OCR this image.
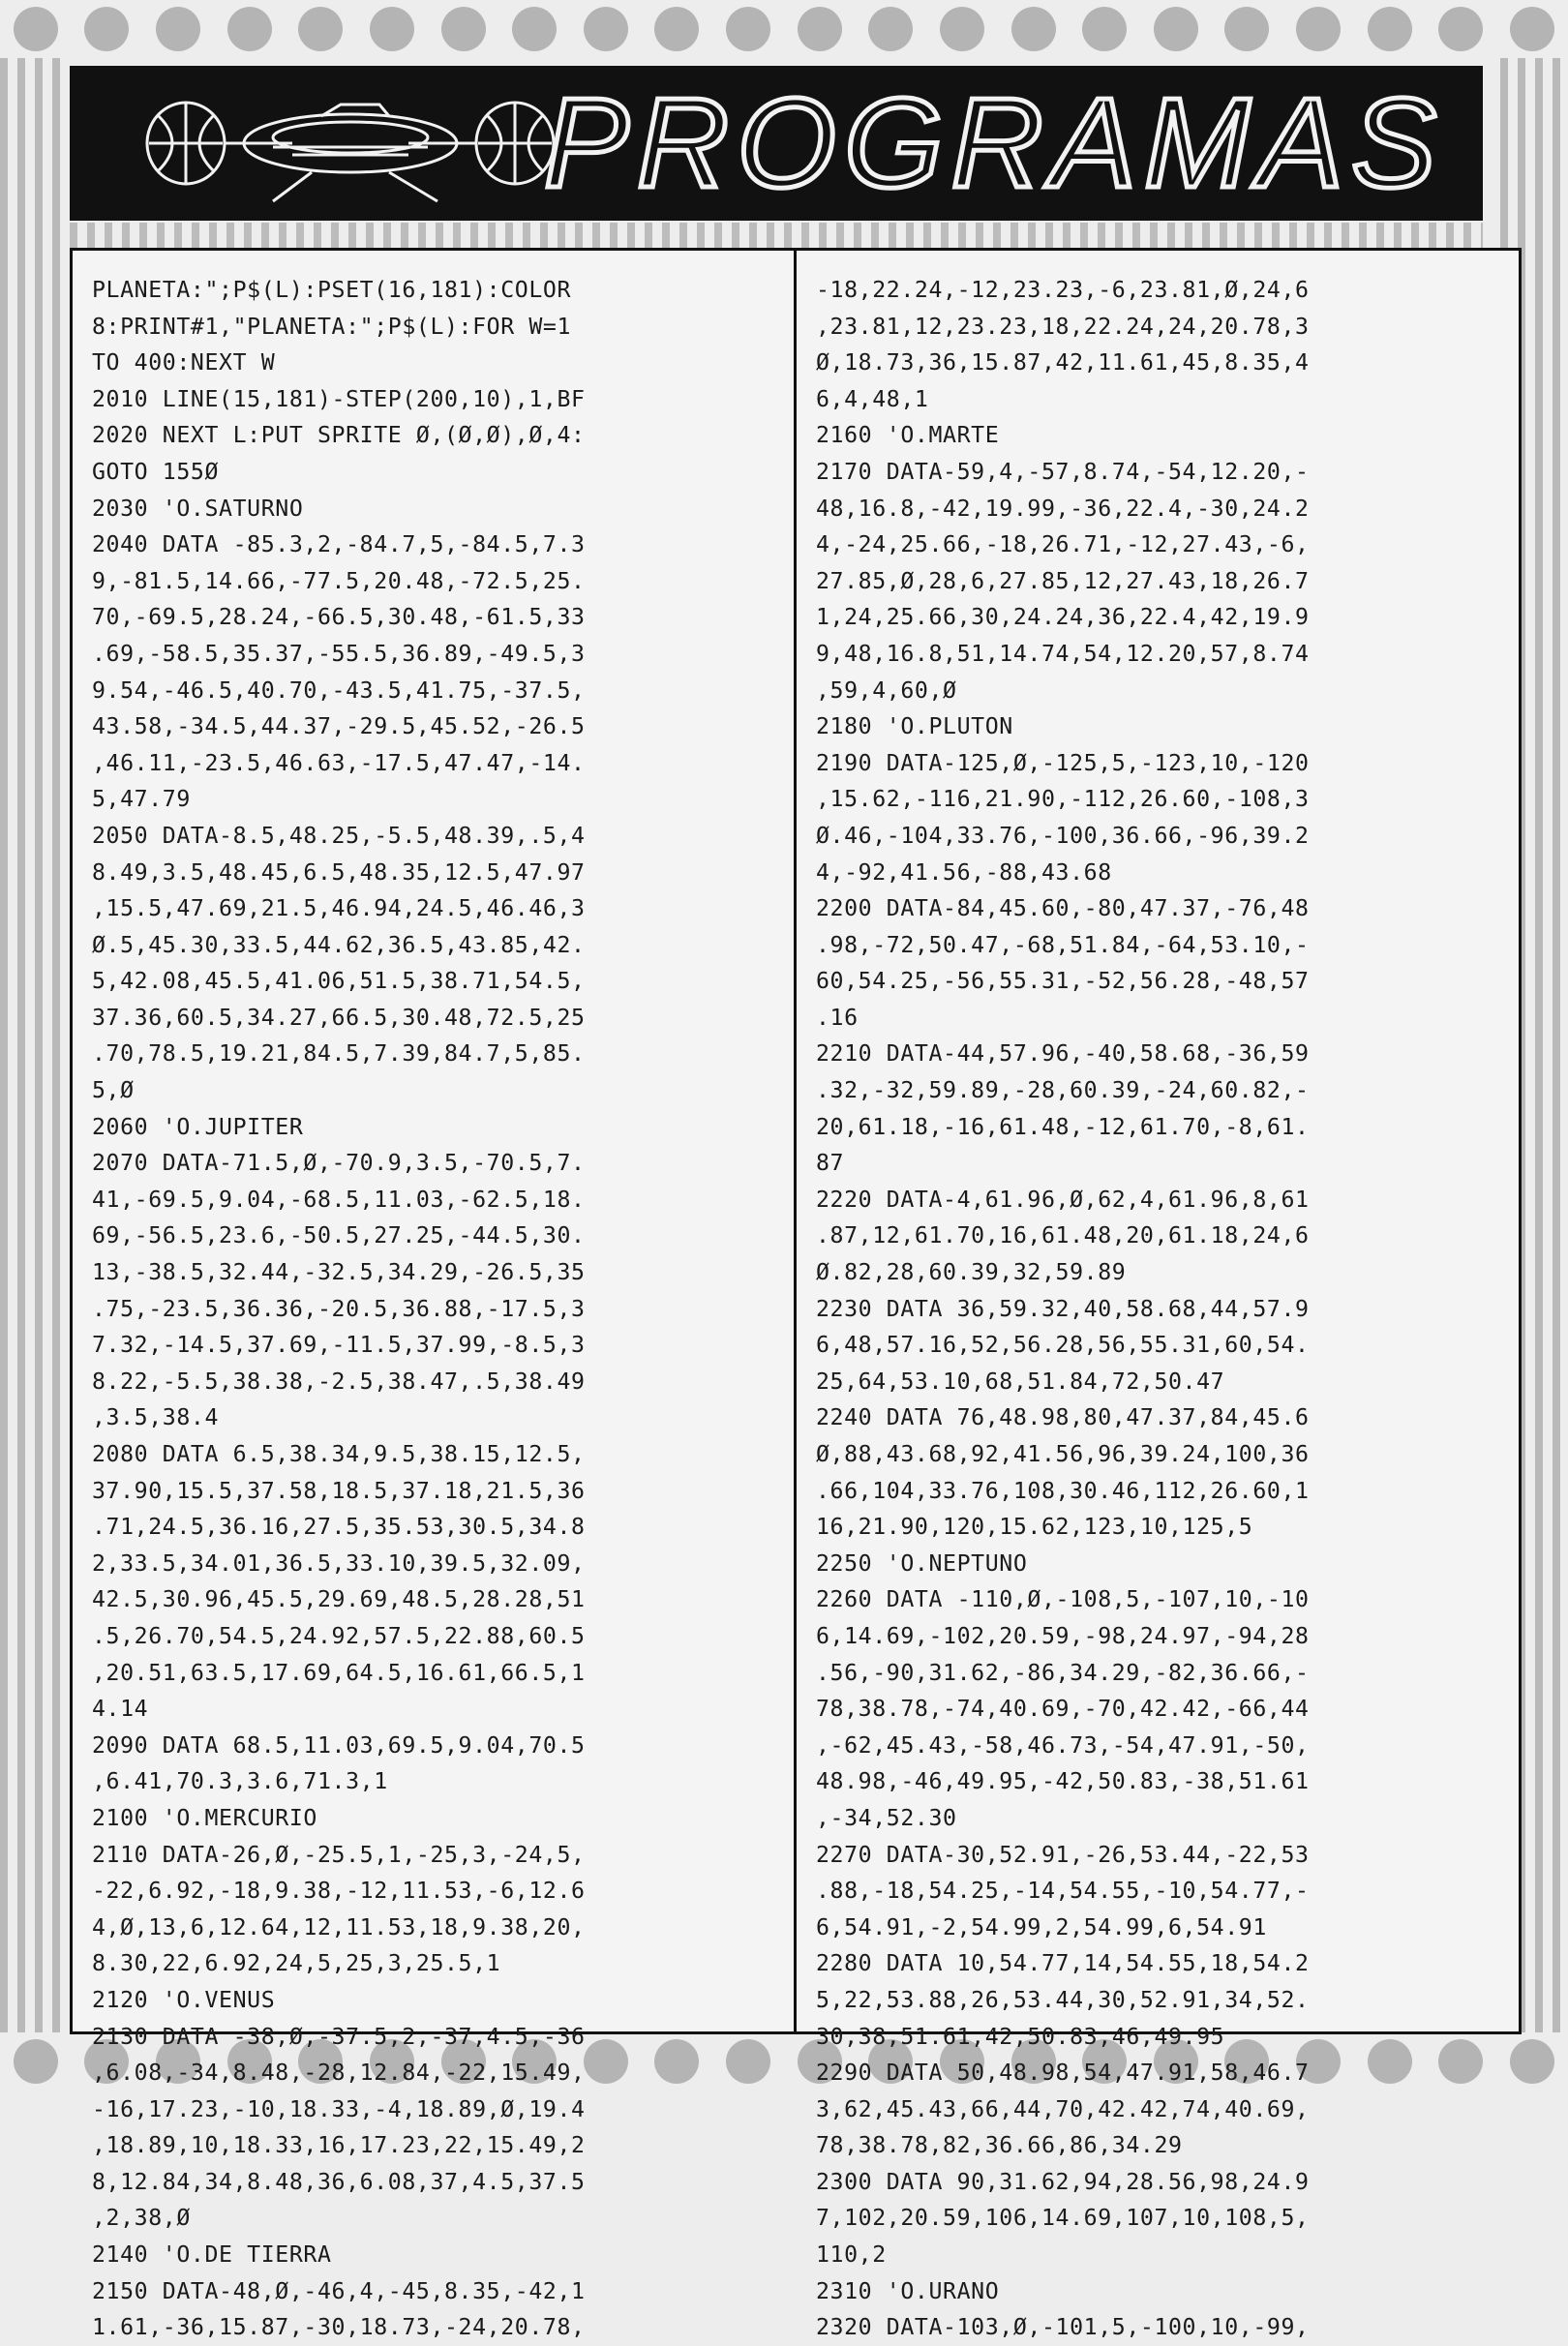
PROGRAMAS
PLANETA:";P$(L):PSET(16,181):COLOR
8:PRINT#1,"PLANETA:";P$(L):FOR W=1
TO 400:NEXT W
2010 LINE(15,181)-STEP(200,10),1,BF
2020 NEXT L:PUT SPRITE Ø,(Ø,Ø),Ø,4:
GOTO 155Ø
2030 'O.SATURNO
2040 DATA -85.3,2,-84.7,5,-84.5,7.3
9,-81.5,14.66,-77.5,20.48,-72.5,25.
70,-69.5,28.24,-66.5,30.48,-61.5,33
.69,-58.5,35.37,-55.5,36.89,-49.5,3
9.54,-46.5,40.70,-43.5,41.75,-37.5,
43.58,-34.5,44.37,-29.5,45.52,-26.5
,46.11,-23.5,46.63,-17.5,47.47,-14.
5,47.79
2050 DATA-8.5,48.25,-5.5,48.39,.5,4
8.49,3.5,48.45,6.5,48.35,12.5,47.97
,15.5,47.69,21.5,46.94,24.5,46.46,3
Ø.5,45.30,33.5,44.62,36.5,43.85,42.
5,42.08,45.5,41.06,51.5,38.71,54.5,
37.36,60.5,34.27,66.5,30.48,72.5,25
.70,78.5,19.21,84.5,7.39,84.7,5,85.
5,Ø
2060 'O.JUPITER
2070 DATA-71.5,Ø,-70.9,3.5,-70.5,7.
41,-69.5,9.04,-68.5,11.03,-62.5,18.
69,-56.5,23.6,-50.5,27.25,-44.5,30.
13,-38.5,32.44,-32.5,34.29,-26.5,35
.75,-23.5,36.36,-20.5,36.88,-17.5,3
7.32,-14.5,37.69,-11.5,37.99,-8.5,3
8.22,-5.5,38.38,-2.5,38.47,.5,38.49
,3.5,38.4
2080 DATA 6.5,38.34,9.5,38.15,12.5,
37.90,15.5,37.58,18.5,37.18,21.5,36
.71,24.5,36.16,27.5,35.53,30.5,34.8
2,33.5,34.01,36.5,33.10,39.5,32.09,
42.5,30.96,45.5,29.69,48.5,28.28,51
.5,26.70,54.5,24.92,57.5,22.88,60.5
,20.51,63.5,17.69,64.5,16.61,66.5,1
4.14
2090 DATA 68.5,11.03,69.5,9.04,70.5
,6.41,70.3,3.6,71.3,1
2100 'O.MERCURIO
2110 DATA-26,Ø,-25.5,1,-25,3,-24,5,
-22,6.92,-18,9.38,-12,11.53,-6,12.6
4,Ø,13,6,12.64,12,11.53,18,9.38,20,
8.30,22,6.92,24,5,25,3,25.5,1
2120 'O.VENUS
2130 DATA -38,Ø,-37.5,2,-37,4.5,-36
,6.08,-34,8.48,-28,12.84,-22,15.49,
-16,17.23,-10,18.33,-4,18.89,Ø,19.4
,18.89,10,18.33,16,17.23,22,15.49,2
8,12.84,34,8.48,36,6.08,37,4.5,37.5
,2,38,Ø
2140 'O.DE TIERRA
2150 DATA-48,Ø,-46,4,-45,8.35,-42,1
1.61,-36,15.87,-30,18.73,-24,20.78,
-18,22.24,-12,23.23,-6,23.81,Ø,24,6
,23.81,12,23.23,18,22.24,24,20.78,3
Ø,18.73,36,15.87,42,11.61,45,8.35,4
6,4,48,1
2160 'O.MARTE
2170 DATA-59,4,-57,8.74,-54,12.20,-
48,16.8,-42,19.99,-36,22.4,-30,24.2
4,-24,25.66,-18,26.71,-12,27.43,-6,
27.85,Ø,28,6,27.85,12,27.43,18,26.7
1,24,25.66,30,24.24,36,22.4,42,19.9
9,48,16.8,51,14.74,54,12.20,57,8.74
,59,4,60,Ø
2180 'O.PLUTON
2190 DATA-125,Ø,-125,5,-123,10,-120
,15.62,-116,21.90,-112,26.60,-108,3
Ø.46,-104,33.76,-100,36.66,-96,39.2
4,-92,41.56,-88,43.68
2200 DATA-84,45.60,-80,47.37,-76,48
.98,-72,50.47,-68,51.84,-64,53.10,-
60,54.25,-56,55.31,-52,56.28,-48,57
.16
2210 DATA-44,57.96,-40,58.68,-36,59
.32,-32,59.89,-28,60.39,-24,60.82,-
20,61.18,-16,61.48,-12,61.70,-8,61.
87
2220 DATA-4,61.96,Ø,62,4,61.96,8,61
.87,12,61.70,16,61.48,20,61.18,24,6
Ø.82,28,60.39,32,59.89
2230 DATA 36,59.32,40,58.68,44,57.9
6,48,57.16,52,56.28,56,55.31,60,54.
25,64,53.10,68,51.84,72,50.47
2240 DATA 76,48.98,80,47.37,84,45.6
Ø,88,43.68,92,41.56,96,39.24,100,36
.66,104,33.76,108,30.46,112,26.60,1
16,21.90,120,15.62,123,10,125,5
2250 'O.NEPTUNO
2260 DATA -110,Ø,-108,5,-107,10,-10
6,14.69,-102,20.59,-98,24.97,-94,28
.56,-90,31.62,-86,34.29,-82,36.66,-
78,38.78,-74,40.69,-70,42.42,-66,44
,-62,45.43,-58,46.73,-54,47.91,-50,
48.98,-46,49.95,-42,50.83,-38,51.61
,-34,52.30
2270 DATA-30,52.91,-26,53.44,-22,53
.88,-18,54.25,-14,54.55,-10,54.77,-
6,54.91,-2,54.99,2,54.99,6,54.91
2280 DATA 10,54.77,14,54.55,18,54.2
5,22,53.88,26,53.44,30,52.91,34,52.
30,38,51.61,42,50.83,46,49.95
2290 DATA 50,48.98,54,47.91,58,46.7
3,62,45.43,66,44,70,42.42,74,40.69,
78,38.78,82,36.66,86,34.29
2300 DATA 90,31.62,94,28.56,98,24.9
7,102,20.59,106,14.69,107,10,108,5,
110,2
2310 'O.URANO
2320 DATA-103,Ø,-101,5,-100,10,-99,
